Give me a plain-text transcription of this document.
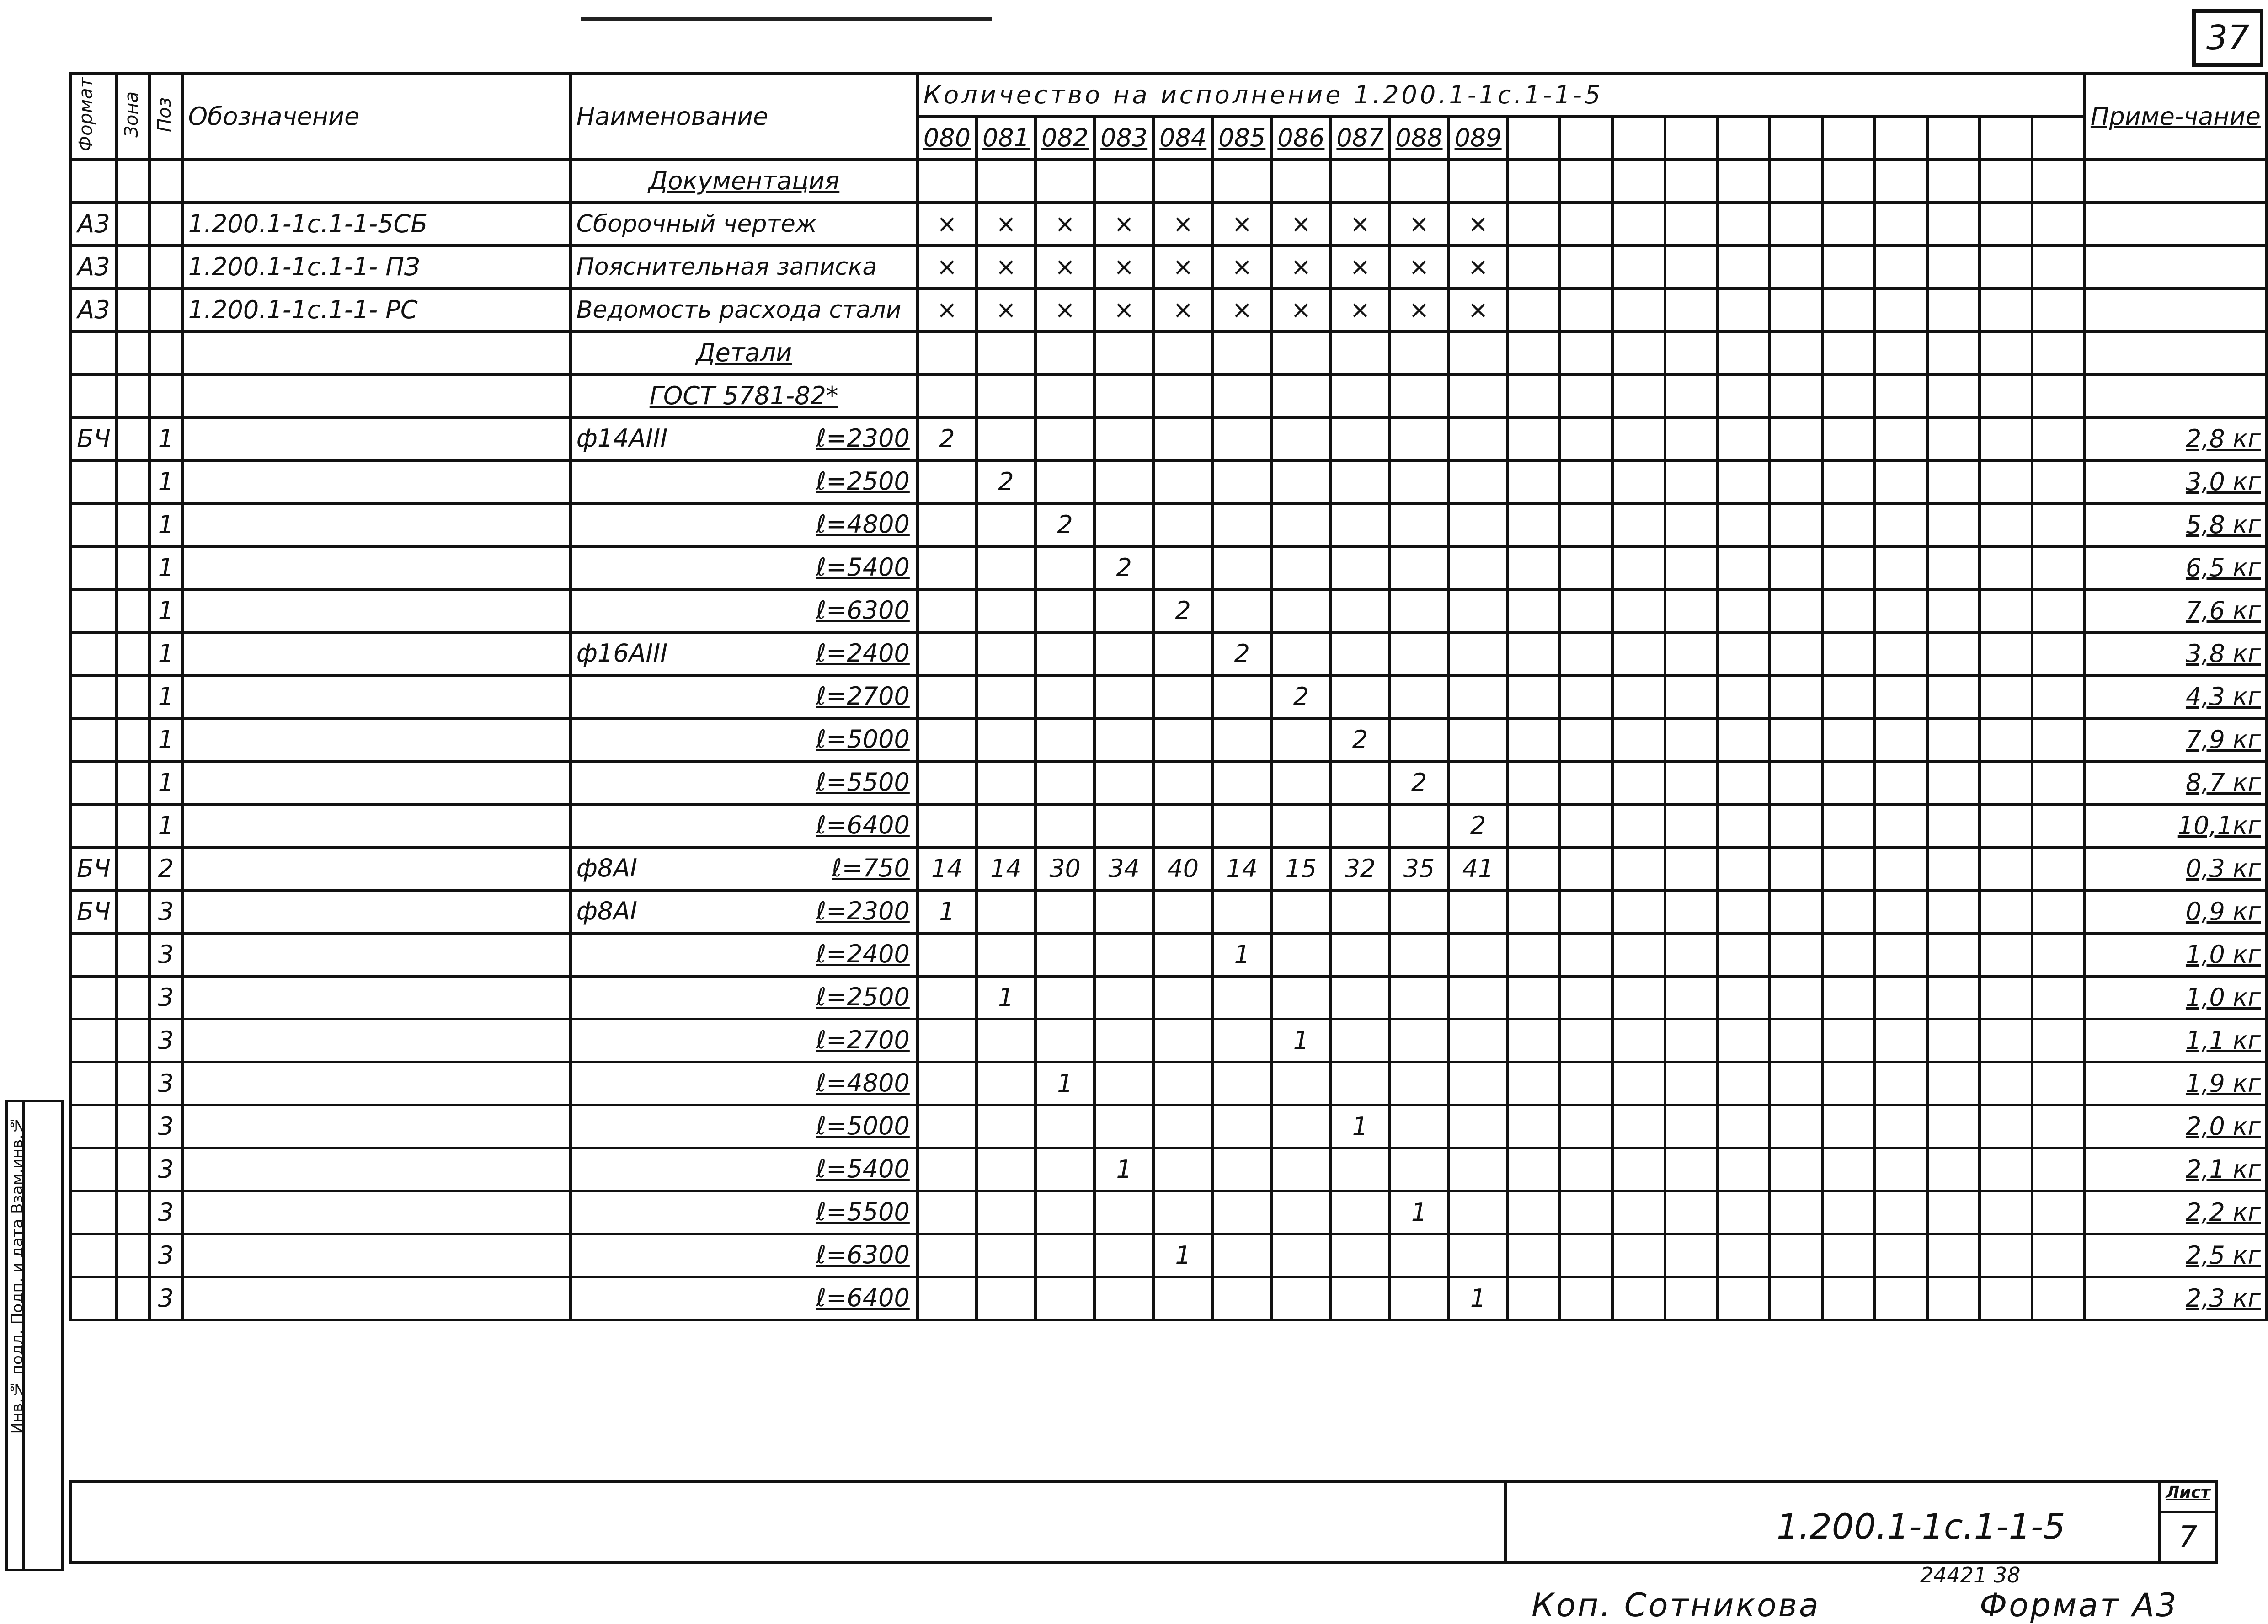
37
Формат	Зона	Поз	Обозначение	Наименование	Количество на исполнение 1.200.1-1с.1-1-5																					Приме-чание
					080	081	082	083	084	085	086	087	088	089												
				Документация																						
А3			1.200.1-1с.1-1-5СБ	Сборочный чертеж	×	×	×	×	×	×	×	×	×	×												
А3			1.200.1-1с.1-1- ПЗ	Пояснительная записка	×	×	×	×	×	×	×	×	×	×												
А3			1.200.1-1с.1-1- РС	Ведомость расхода стали	×	×	×	×	×	×	×	×	×	×												
				Детали																						
				ГОСТ 5781-82*																						
БЧ		1		ф14АIII ℓ=2300	2																					2,8 кг
		1		ℓ=2500		2																				3,0 кг
		1		ℓ=4800			2																			5,8 кг
		1		ℓ=5400				2																		6,5 кг
		1		ℓ=6300					2																	7,6 кг
		1		ф16АIII ℓ=2400						2																3,8 кг
		1		ℓ=2700							2															4,3 кг
		1		ℓ=5000								2														7,9 кг
		1		ℓ=5500									2													8,7 кг
		1		ℓ=6400										2												10,1кг
БЧ		2		ф8АI ℓ=750	14	14	30	34	40	14	15	32	35	41												0,3 кг
БЧ		3		ф8АI ℓ=2300	1																					0,9 кг
		3		ℓ=2400						1																1,0 кг
		3		ℓ=2500		1																				1,0 кг
		3		ℓ=2700							1															1,1 кг
		3		ℓ=4800			1																			1,9 кг
		3		ℓ=5000								1														2,0 кг
		3		ℓ=5400				1																		2,1 кг
		3		ℓ=5500									1													2,2 кг
		3		ℓ=6300					1																	2,5 кг
		3		ℓ=6400										1												2,3 кг
Инв.№ подл. Подп. и дата Взам.инв.№
1.200.1-1с.1-1-5
Лист
7
24421 38
Коп. Сотникова	Формат А3
